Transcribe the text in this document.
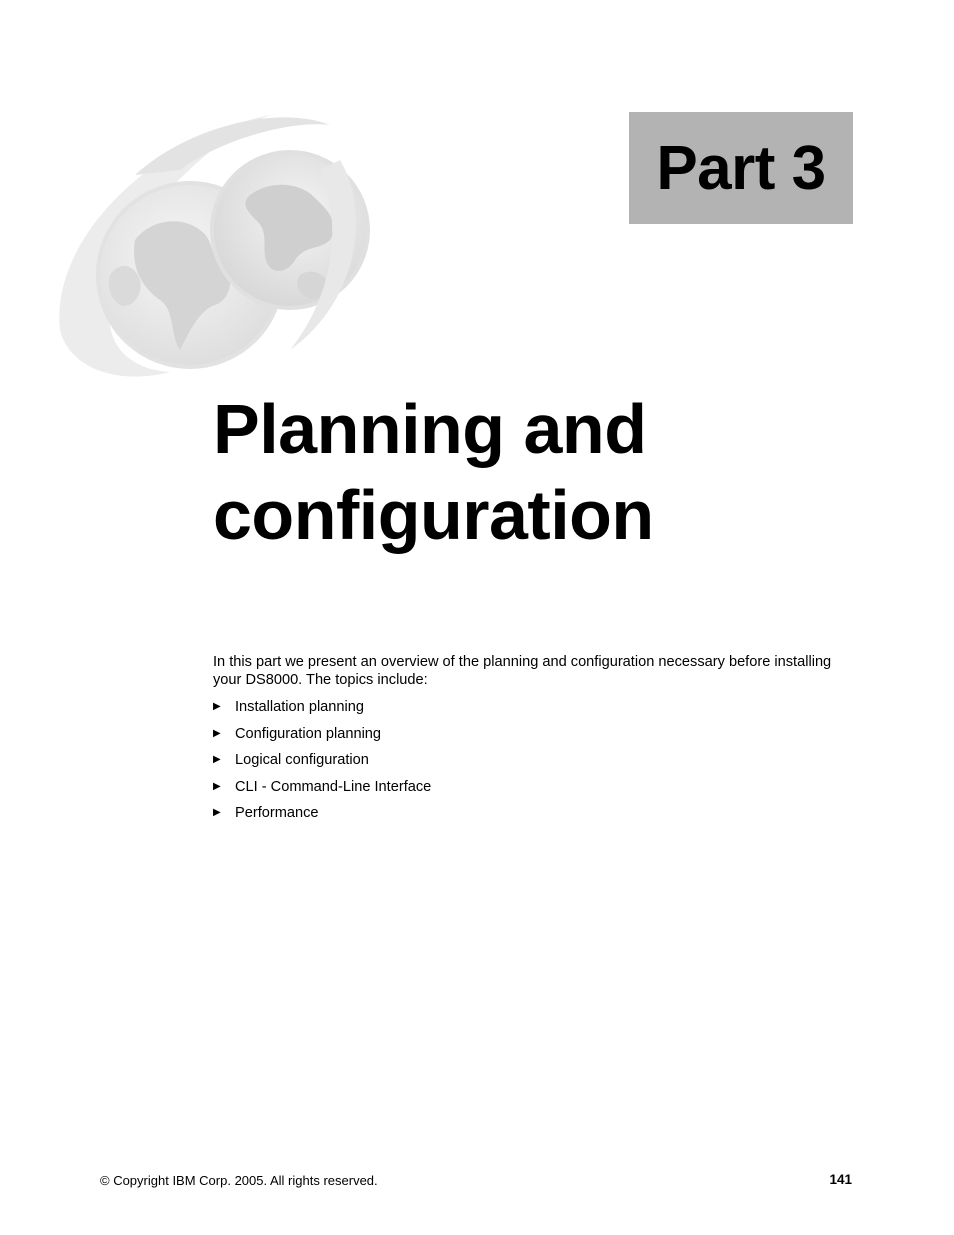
Part 3
Planning and
configuration

In this part we present an overview of the planning and configuration necessary before installing your DS8000. The topics include:

▶ Installation planning
▶ Configuration planning
▶ Logical configuration
▶ CLI - Command-Line Interface
▶ Performance
© Copyright IBM Corp. 2005. All rights reserved.	141
